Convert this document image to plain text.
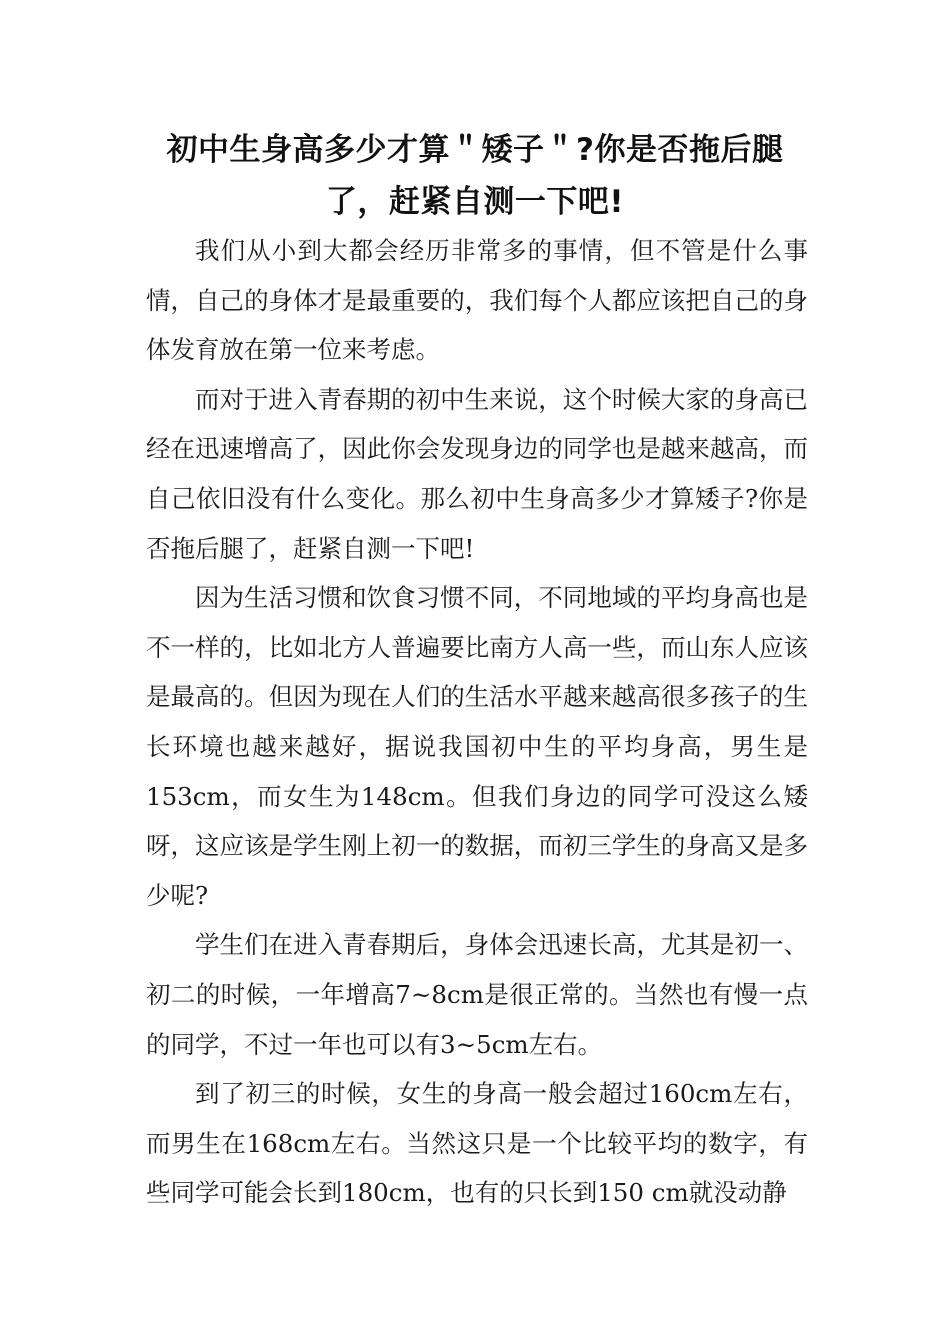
初中生身高多少才算＂矮子＂?你是否拖后腿了，赶紧自测一下吧!

我们从小到大都会经历非常多的事情，但不管是什么事情，自己的身体才是最重要的，我们每个人都应该把自己的身体发育放在第一位来考虑。

而对于进入青春期的初中生来说，这个时候大家的身高已经在迅速增高了，因此你会发现身边的同学也是越来越高，而自己依旧没有什么变化。那么初中生身高多少才算矮子?你是否拖后腿了，赶紧自测一下吧!

因为生活习惯和饮食习惯不同，不同地域的平均身高也是不一样的，比如北方人普遍要比南方人高一些，而山东人应该是最高的。但因为现在人们的生活水平越来越高很多孩子的生长环境也越来越好，据说我国初中生的平均身高，男生是153cm，而女生为148cm。但我们身边的同学可没这么矮呀，这应该是学生刚上初一的数据，而初三学生的身高又是多少呢?

学生们在进入青春期后，身体会迅速长高，尤其是初一、初二的时候，一年增高7~8cm是很正常的。当然也有慢一点的同学，不过一年也可以有3~5cm左右。

到了初三的时候，女生的身高一般会超过160cm左右，而男生在168cm左右。当然这只是一个比较平均的数字，有些同学可能会长到180cm，也有的只长到150 cm就没动静
